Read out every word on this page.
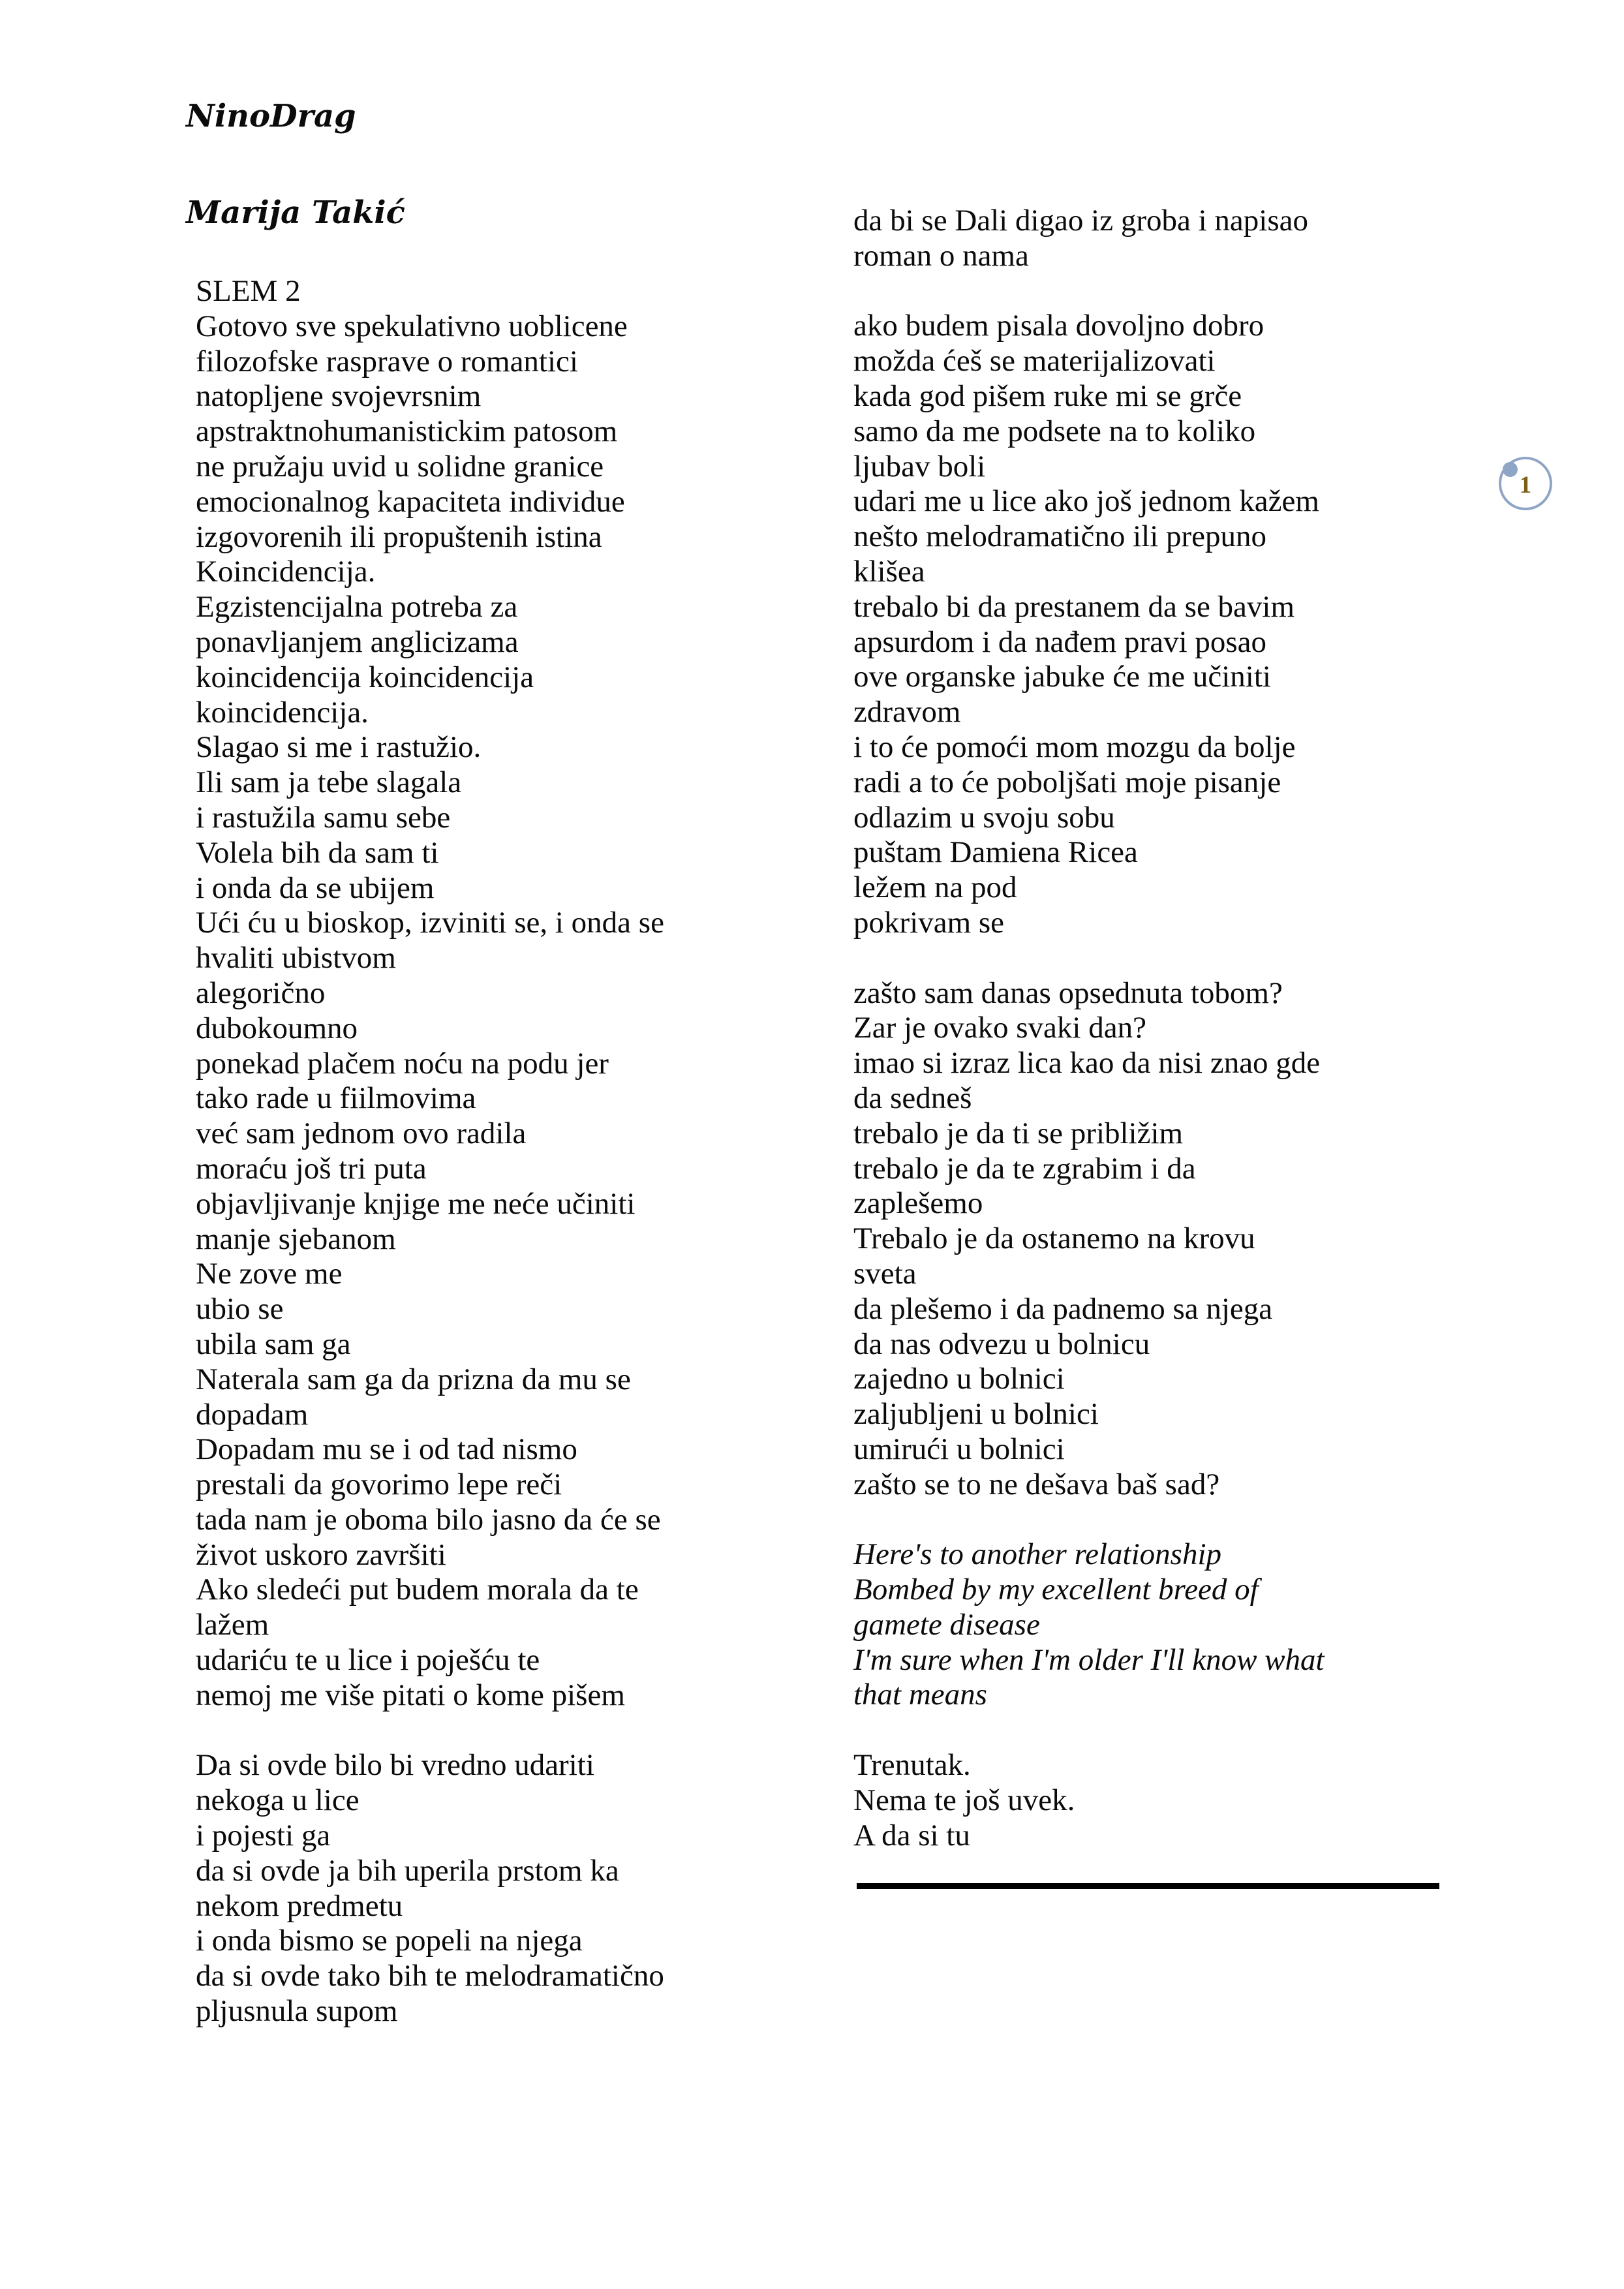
NinoDrag
Marija Takić
SLEM 2
Gotovo sve spekulativno uoblicene
filozofske rasprave o romantici
natopljene svojevrsnim
apstraktnohumanistickim patosom
ne pružaju uvid u solidne granice
emocionalnog kapaciteta individue
izgovorenih ili propuštenih istina
Koincidencija.
Egzistencijalna potreba za
ponavljanjem anglicizama
koincidencija koincidencija
koincidencija.
Slagao si me i rastužio.
Ili sam ja tebe slagala
i rastužila samu sebe
Volela bih da sam ti
i onda da se ubijem
Ući ću u bioskop, izviniti se, i onda se
hvaliti ubistvom
alegorično
dubokoumno
ponekad plačem noću na podu jer
tako rade u fiilmovima
već sam jednom ovo radila
moraću još tri puta
objavljivanje knjige me neće učiniti
manje sjebanom
Ne zove me
ubio se
ubila sam ga
Naterala sam ga da prizna da mu se
dopadam
Dopadam mu se i od tad nismo
prestali da govorimo lepe reči
tada nam je oboma bilo jasno da će se
život uskoro završiti
Ako sledeći put budem morala da te
lažem
udariću te u lice i poješću te
nemoj me više pitati o kome pišem
Da si ovde bilo bi vredno udariti
nekoga u lice
i pojesti ga
da si ovde ja bih uperila prstom ka
nekom predmetu
i onda bismo se popeli na njega
da si ovde tako bih te melodramatično
pljusnula supom
da bi se Dali digao iz groba i napisao
roman o nama
ako budem pisala dovoljno dobro
možda ćeš se materijalizovati
kada god pišem ruke mi se grče
samo da me podsete na to koliko
ljubav boli
udari me u lice ako još jednom kažem
nešto melodramatično ili prepuno
klišea
trebalo bi da prestanem da se bavim
apsurdom i da nađem pravi posao
ove organske jabuke će me učiniti
zdravom
i to će pomoći mom mozgu da bolje
radi a to će poboljšati moje pisanje
odlazim u svoju sobu
puštam Damiena Ricea
ležem na pod
pokrivam se
zašto sam danas opsednuta tobom?
Zar je ovako svaki dan?
imao si izraz lica kao da nisi znao gde
da sedneš
trebalo je da ti se približim
trebalo je da te zgrabim i da
zaplešemo
Trebalo je da ostanemo na krovu
sveta
da plešemo i da padnemo sa njega
da nas odvezu u bolnicu
zajedno u bolnici
zaljubljeni u bolnici
umirući u bolnici
zašto se to ne dešava baš sad?
Here's to another relationship
Bombed by my excellent breed of
gamete disease
I'm sure when I'm older I'll know what
that means
Trenutak.
Nema te još uvek.
A da si tu
1
